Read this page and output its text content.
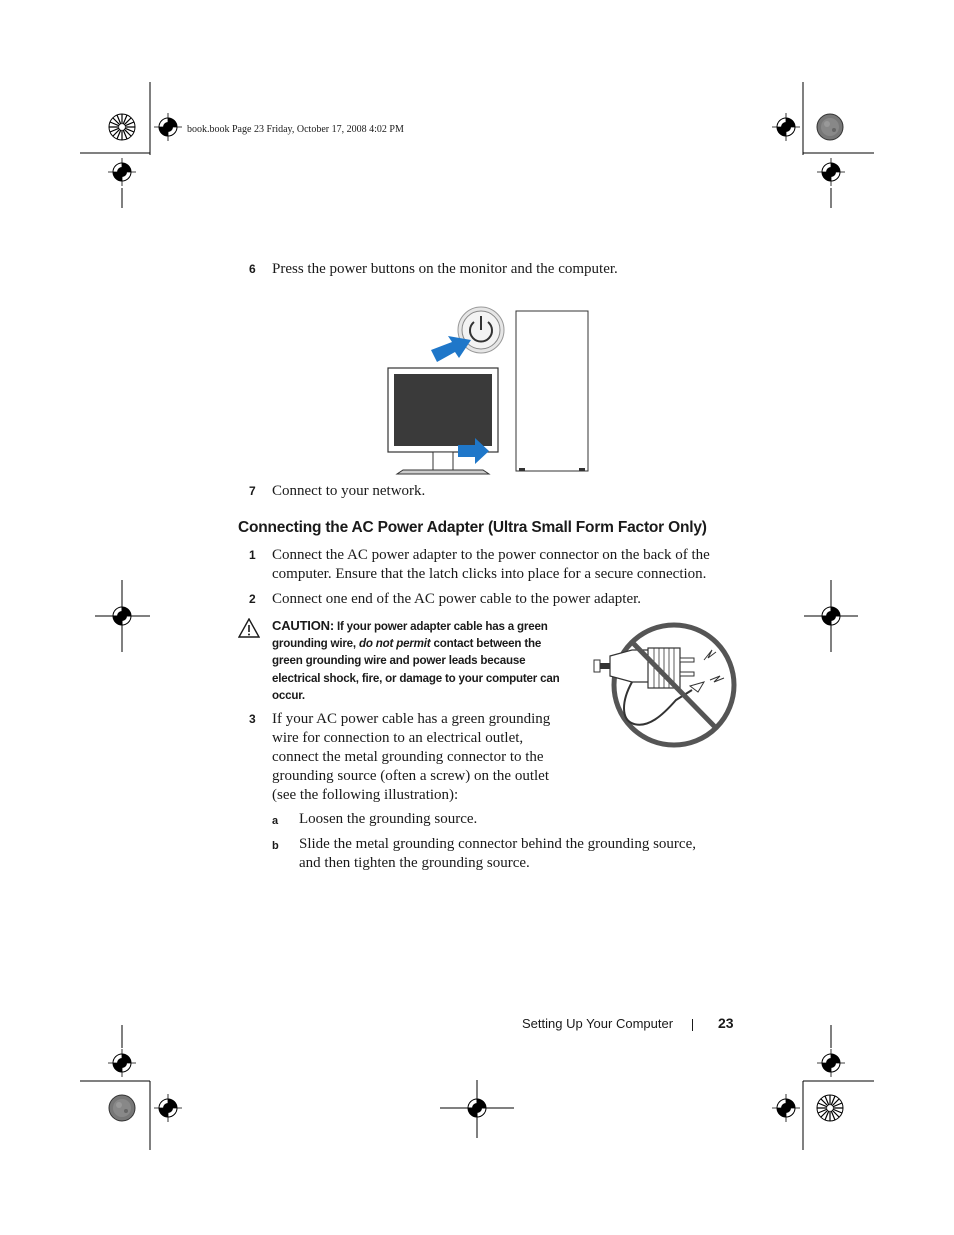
book.book Page 23 Friday, October 17, 2008 4:02 PM
6 Press the power buttons on the monitor and the computer.
7 Connect to your network.
Connecting the AC Power Adapter (Ultra Small Form Factor Only)
1 Connect the AC power adapter to the power connector on the back of the
computer. Ensure that the latch clicks into place for a secure connection.
2 Connect one end of the AC power cable to the power adapter.
CAUTION: If your power adapter cable has a green grounding wire, do not permit contact between the green grounding wire and power leads because electrical shock, fire, or damage to your computer can occur.
3 If your AC power cable has a green grounding
wire for connection to an electrical outlet,
connect the metal grounding connector to the
grounding source (often a screw) on the outlet
(see the following illustration):
a Loosen the grounding source.
b Slide the metal grounding connector behind the grounding source,
and then tighten the grounding source.
Setting Up Your Computer	23
